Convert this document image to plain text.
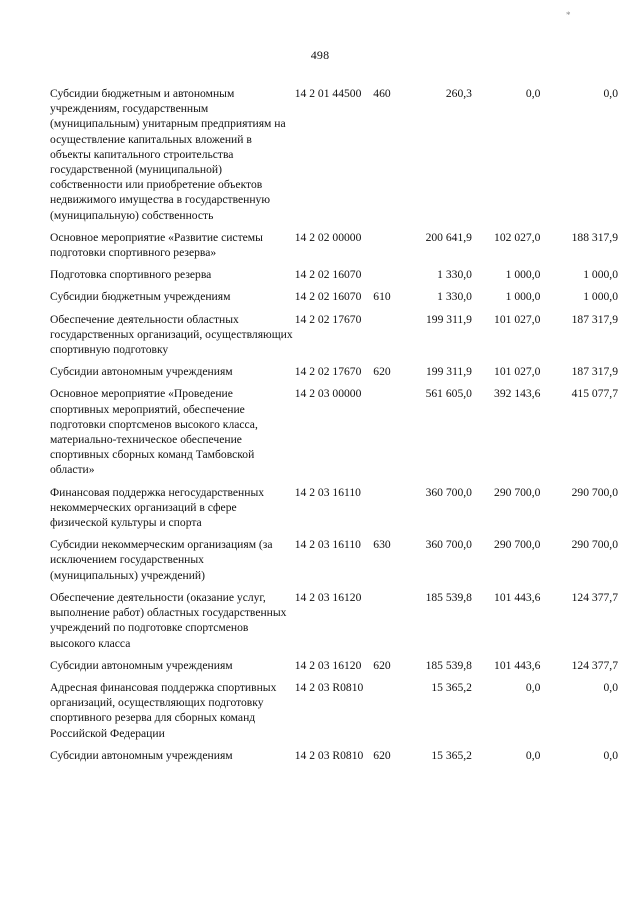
*
498
Субсидии бюджетным и автономным учреждениям, государственным (муниципальным) унитарным предприятиям на осуществление капитальных вложений в объекты капитального строительства государственной (муниципальной) собственности или приобретение объектов недвижимого имущества в государственную (муниципальную) собственность	14 2 01 44500	460	260,3	0,0	0,0
Основное мероприятие «Развитие системы подготовки спортивного резерва»	14 2 02 00000		200 641,9	102 027,0	188 317,9
Подготовка спортивного резерва	14 2 02 16070		1 330,0	1 000,0	1 000,0
Субсидии бюджетным учреждениям	14 2 02 16070	610	1 330,0	1 000,0	1 000,0
Обеспечение деятельности областных государственных организаций, осуществляющих спортивную подготовку	14 2 02 17670		199 311,9	101 027,0	187 317,9
Субсидии автономным учреждениям	14 2 02 17670	620	199 311,9	101 027,0	187 317,9
Основное мероприятие «Проведение спортивных мероприятий, обеспечение подготовки спортсменов высокого класса, материально-техническое обеспечение спортивных сборных команд Тамбовской области»	14 2 03 00000		561 605,0	392 143,6	415 077,7
Финансовая поддержка негосударственных некоммерческих организаций в сфере физической культуры и спорта	14 2 03 16110		360 700,0	290 700,0	290 700,0
Субсидии некоммерческим организациям (за исключением государственных (муниципальных) учреждений)	14 2 03 16110	630	360 700,0	290 700,0	290 700,0
Обеспечение деятельности (оказание услуг, выполнение работ) областных государственных учреждений по подготовке спортсменов высокого класса	14 2 03 16120		185 539,8	101 443,6	124 377,7
Субсидии автономным учреждениям	14 2 03 16120	620	185 539,8	101 443,6	124 377,7
Адресная финансовая поддержка спортивных организаций, осуществляющих подготовку спортивного резерва для сборных команд Российской Федерации	14 2 03 R0810		15 365,2	0,0	0,0
Субсидии автономным учреждениям	14 2 03 R0810	620	15 365,2	0,0	0,0
